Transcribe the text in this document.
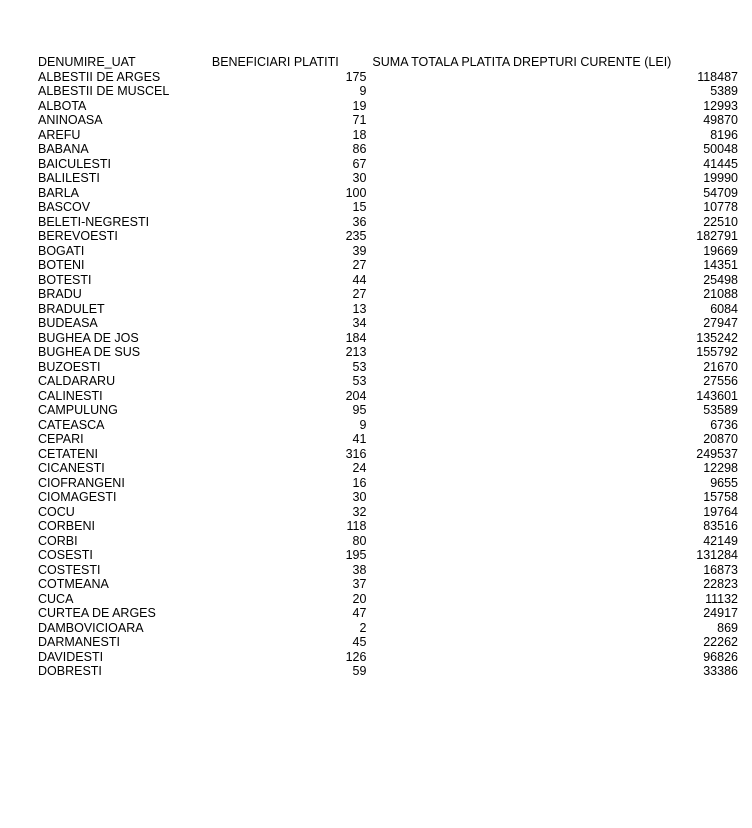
DENUMIRE_UAT	BENEFICIARI PLATITI	SUMA TOTALA PLATITA DREPTURI CURENTE (LEI)
ALBESTII DE ARGES	175	118487
ALBESTII DE MUSCEL	9	5389
ALBOTA	19	12993
ANINOASA	71	49870
AREFU	18	8196
BABANA	86	50048
BAICULESTI	67	41445
BALILESTI	30	19990
BARLA	100	54709
BASCOV	15	10778
BELETI-NEGRESTI	36	22510
BEREVOESTI	235	182791
BOGATI	39	19669
BOTENI	27	14351
BOTESTI	44	25498
BRADU	27	21088
BRADULET	13	6084
BUDEASA	34	27947
BUGHEA DE JOS	184	135242
BUGHEA DE SUS	213	155792
BUZOESTI	53	21670
CALDARARU	53	27556
CALINESTI	204	143601
CAMPULUNG	95	53589
CATEASCA	9	6736
CEPARI	41	20870
CETATENI	316	249537
CICANESTI	24	12298
CIOFRANGENI	16	9655
CIOMAGESTI	30	15758
COCU	32	19764
CORBENI	118	83516
CORBI	80	42149
COSESTI	195	131284
COSTESTI	38	16873
COTMEANA	37	22823
CUCA	20	11132
CURTEA DE ARGES	47	24917
DAMBOVICIOARA	2	869
DARMANESTI	45	22262
DAVIDESTI	126	96826
DOBRESTI	59	33386
